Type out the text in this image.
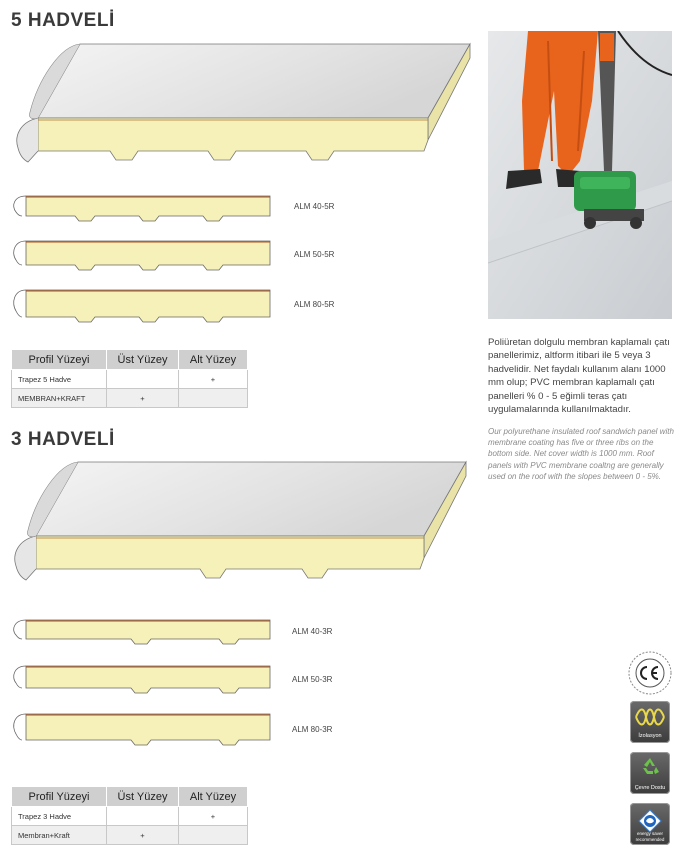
5 HADVELİ
ALM 40-5R
ALM 50-5R
ALM 80-5R
Profil Yüzeyi	Üst Yüzey	Alt Yüzey
Trapez 5 Hadve		+
MEMBRAN+KRAFT	+	
3 HADVELİ
ALM 40-3R
ALM 50-3R
ALM 80-3R
Profil Yüzeyi	Üst Yüzey	Alt Yüzey
Trapez 3 Hadve		+
Membran+Kraft	+	
Poliüretan dolgulu membran kaplamalı çatı panellerimiz, altform itibari ile 5 veya 3 hadvelidir. Net faydalı kullanım alanı 1000 mm olup; PVC membran kaplamalı çatı panelleri % 0 - 5 eğimli teras çatı uygulamalarında kullanılmaktadır.
Our polyurethane insulated roof sandwich panel with membrane coating has five or three ribs on the bottom side. Net cover width is 1000 mm. Roof panels with PVC membrane coaltng are generally used on the roof with the slopes between 0 - 5%.
İzolasyon
Çevre Dostu
energy saver recommended
